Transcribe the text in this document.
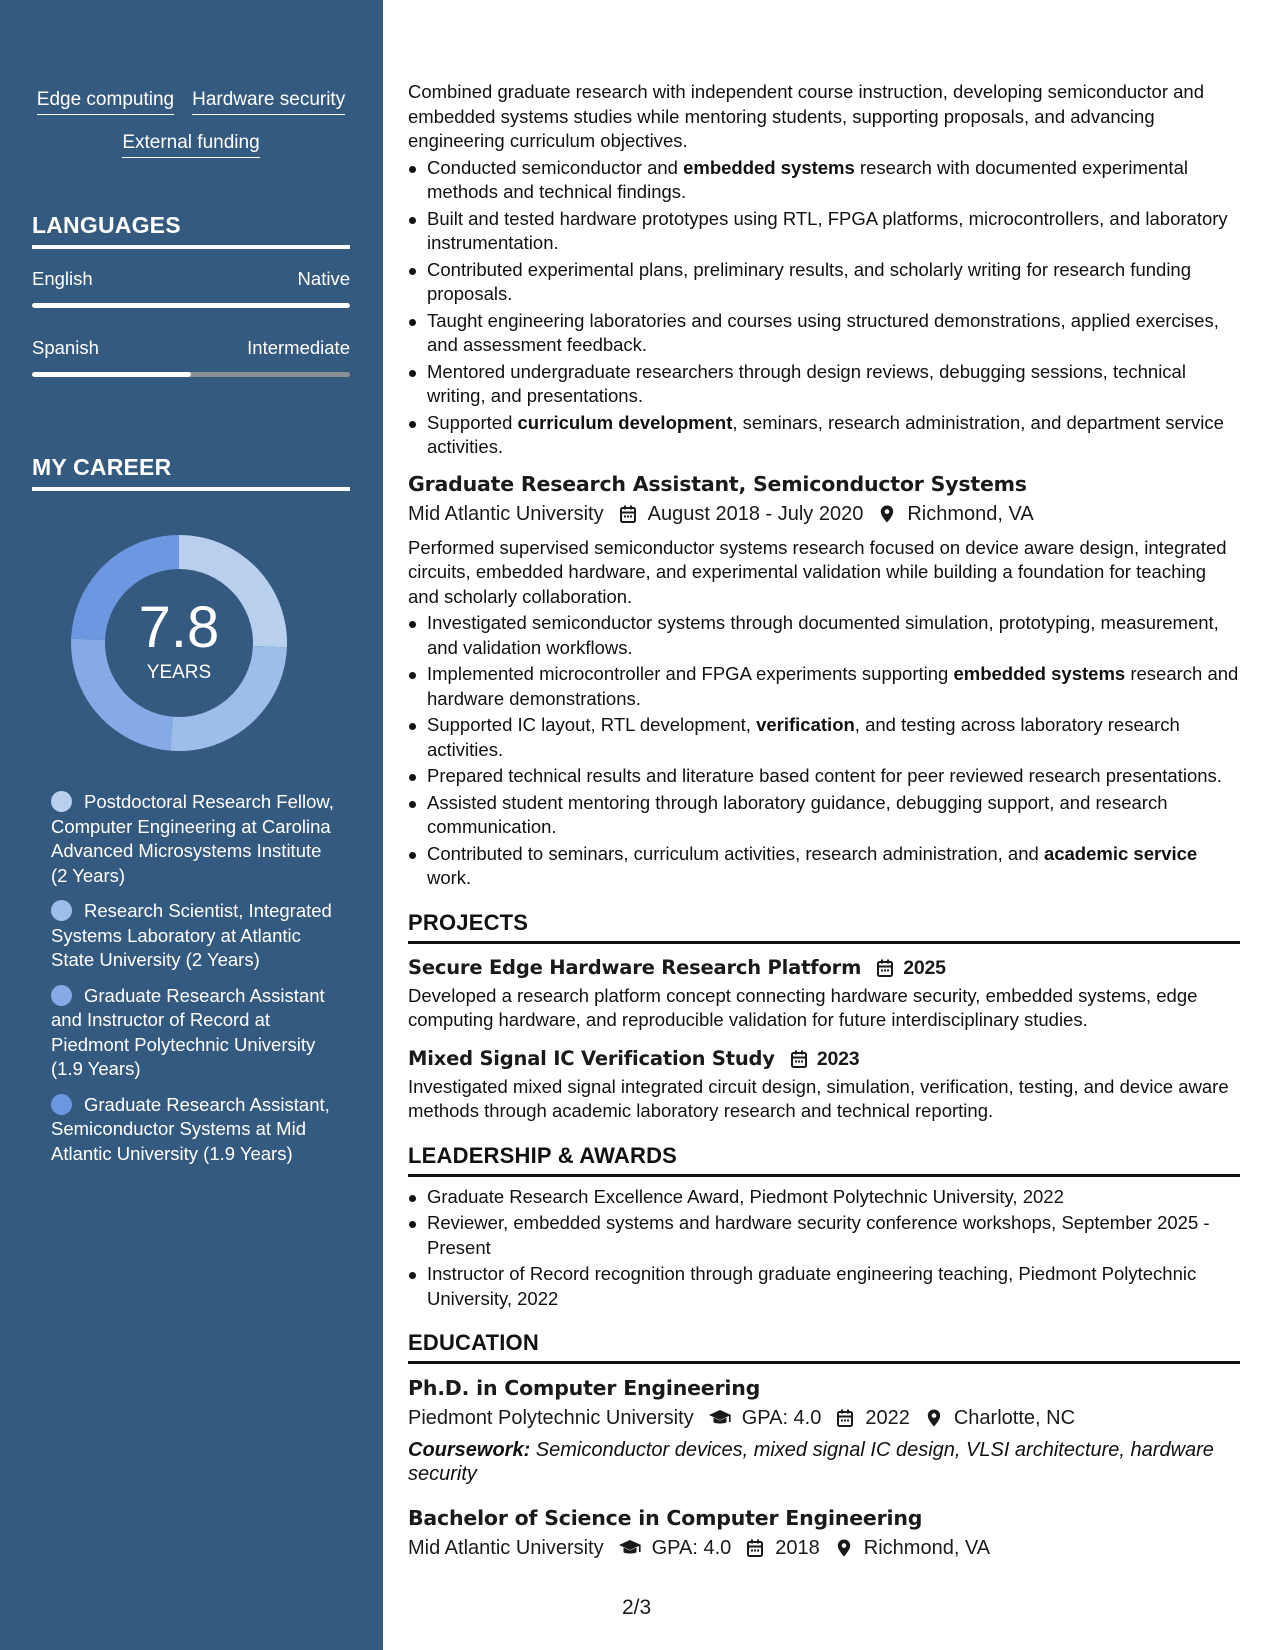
Edge computing Hardware security
External funding
LANGUAGES
English	Native
Spanish	Intermediate
MY CAREER
7.8
YEARS
Postdoctoral Research Fellow, Computer Engineering at Carolina Advanced Microsystems Institute (2 Years)
Research Scientist, Integrated Systems Laboratory at Atlantic State University (2 Years)
Graduate Research Assistant and Instructor of Record at Piedmont Polytechnic University (1.9 Years)
Graduate Research Assistant, Semiconductor Systems at Mid Atlantic University (1.9 Years)

Combined graduate research with independent course instruction, developing semiconductor and embedded systems studies while mentoring students, supporting proposals, and advancing engineering curriculum objectives.

Conducted semiconductor and embedded systems research with documented experimental methods and technical findings.
Built and tested hardware prototypes using RTL, FPGA platforms, microcontrollers, and laboratory instrumentation.
Contributed experimental plans, preliminary results, and scholarly writing for research funding proposals.
Taught engineering laboratories and courses using structured demonstrations, applied exercises, and assessment feedback.
Mentored undergraduate researchers through design reviews, debugging sessions, technical writing, and presentations.
Supported curriculum development, seminars, research administration, and department service activities.
Graduate Research Assistant, Semiconductor Systems
Mid Atlantic University August 2018 - July 2020 Richmond, VA

Performed supervised semiconductor systems research focused on device aware design, integrated circuits, embedded hardware, and experimental validation while building a foundation for teaching and scholarly collaboration.

Investigated semiconductor systems through documented simulation, prototyping, measurement, and validation workflows.
Implemented microcontroller and FPGA experiments supporting embedded systems research and hardware demonstrations.
Supported IC layout, RTL development, verification, and testing across laboratory research activities.
Prepared technical results and literature based content for peer reviewed research presentations.
Assisted student mentoring through laboratory guidance, debugging support, and research communication.
Contributed to seminars, curriculum activities, research administration, and academic service work.
PROJECTS
Secure Edge Hardware Research Platform 2025

Developed a research platform concept connecting hardware security, embedded systems, edge computing hardware, and reproducible validation for future interdisciplinary studies.

Mixed Signal IC Verification Study 2023

Investigated mixed signal integrated circuit design, simulation, verification, testing, and device aware methods through academic laboratory research and technical reporting.

LEADERSHIP & AWARDS
Graduate Research Excellence Award, Piedmont Polytechnic University, 2022
Reviewer, embedded systems and hardware security conference workshops, September 2025 - Present
Instructor of Record recognition through graduate engineering teaching, Piedmont Polytechnic University, 2022
EDUCATION
Ph.D. in Computer Engineering
Piedmont Polytechnic University GPA: 4.0 2022 Charlotte, NC

Coursework: Semiconductor devices, mixed signal IC design, VLSI architecture, hardware security

Bachelor of Science in Computer Engineering
Mid Atlantic University GPA: 4.0 2018 Richmond, VA
2/3
